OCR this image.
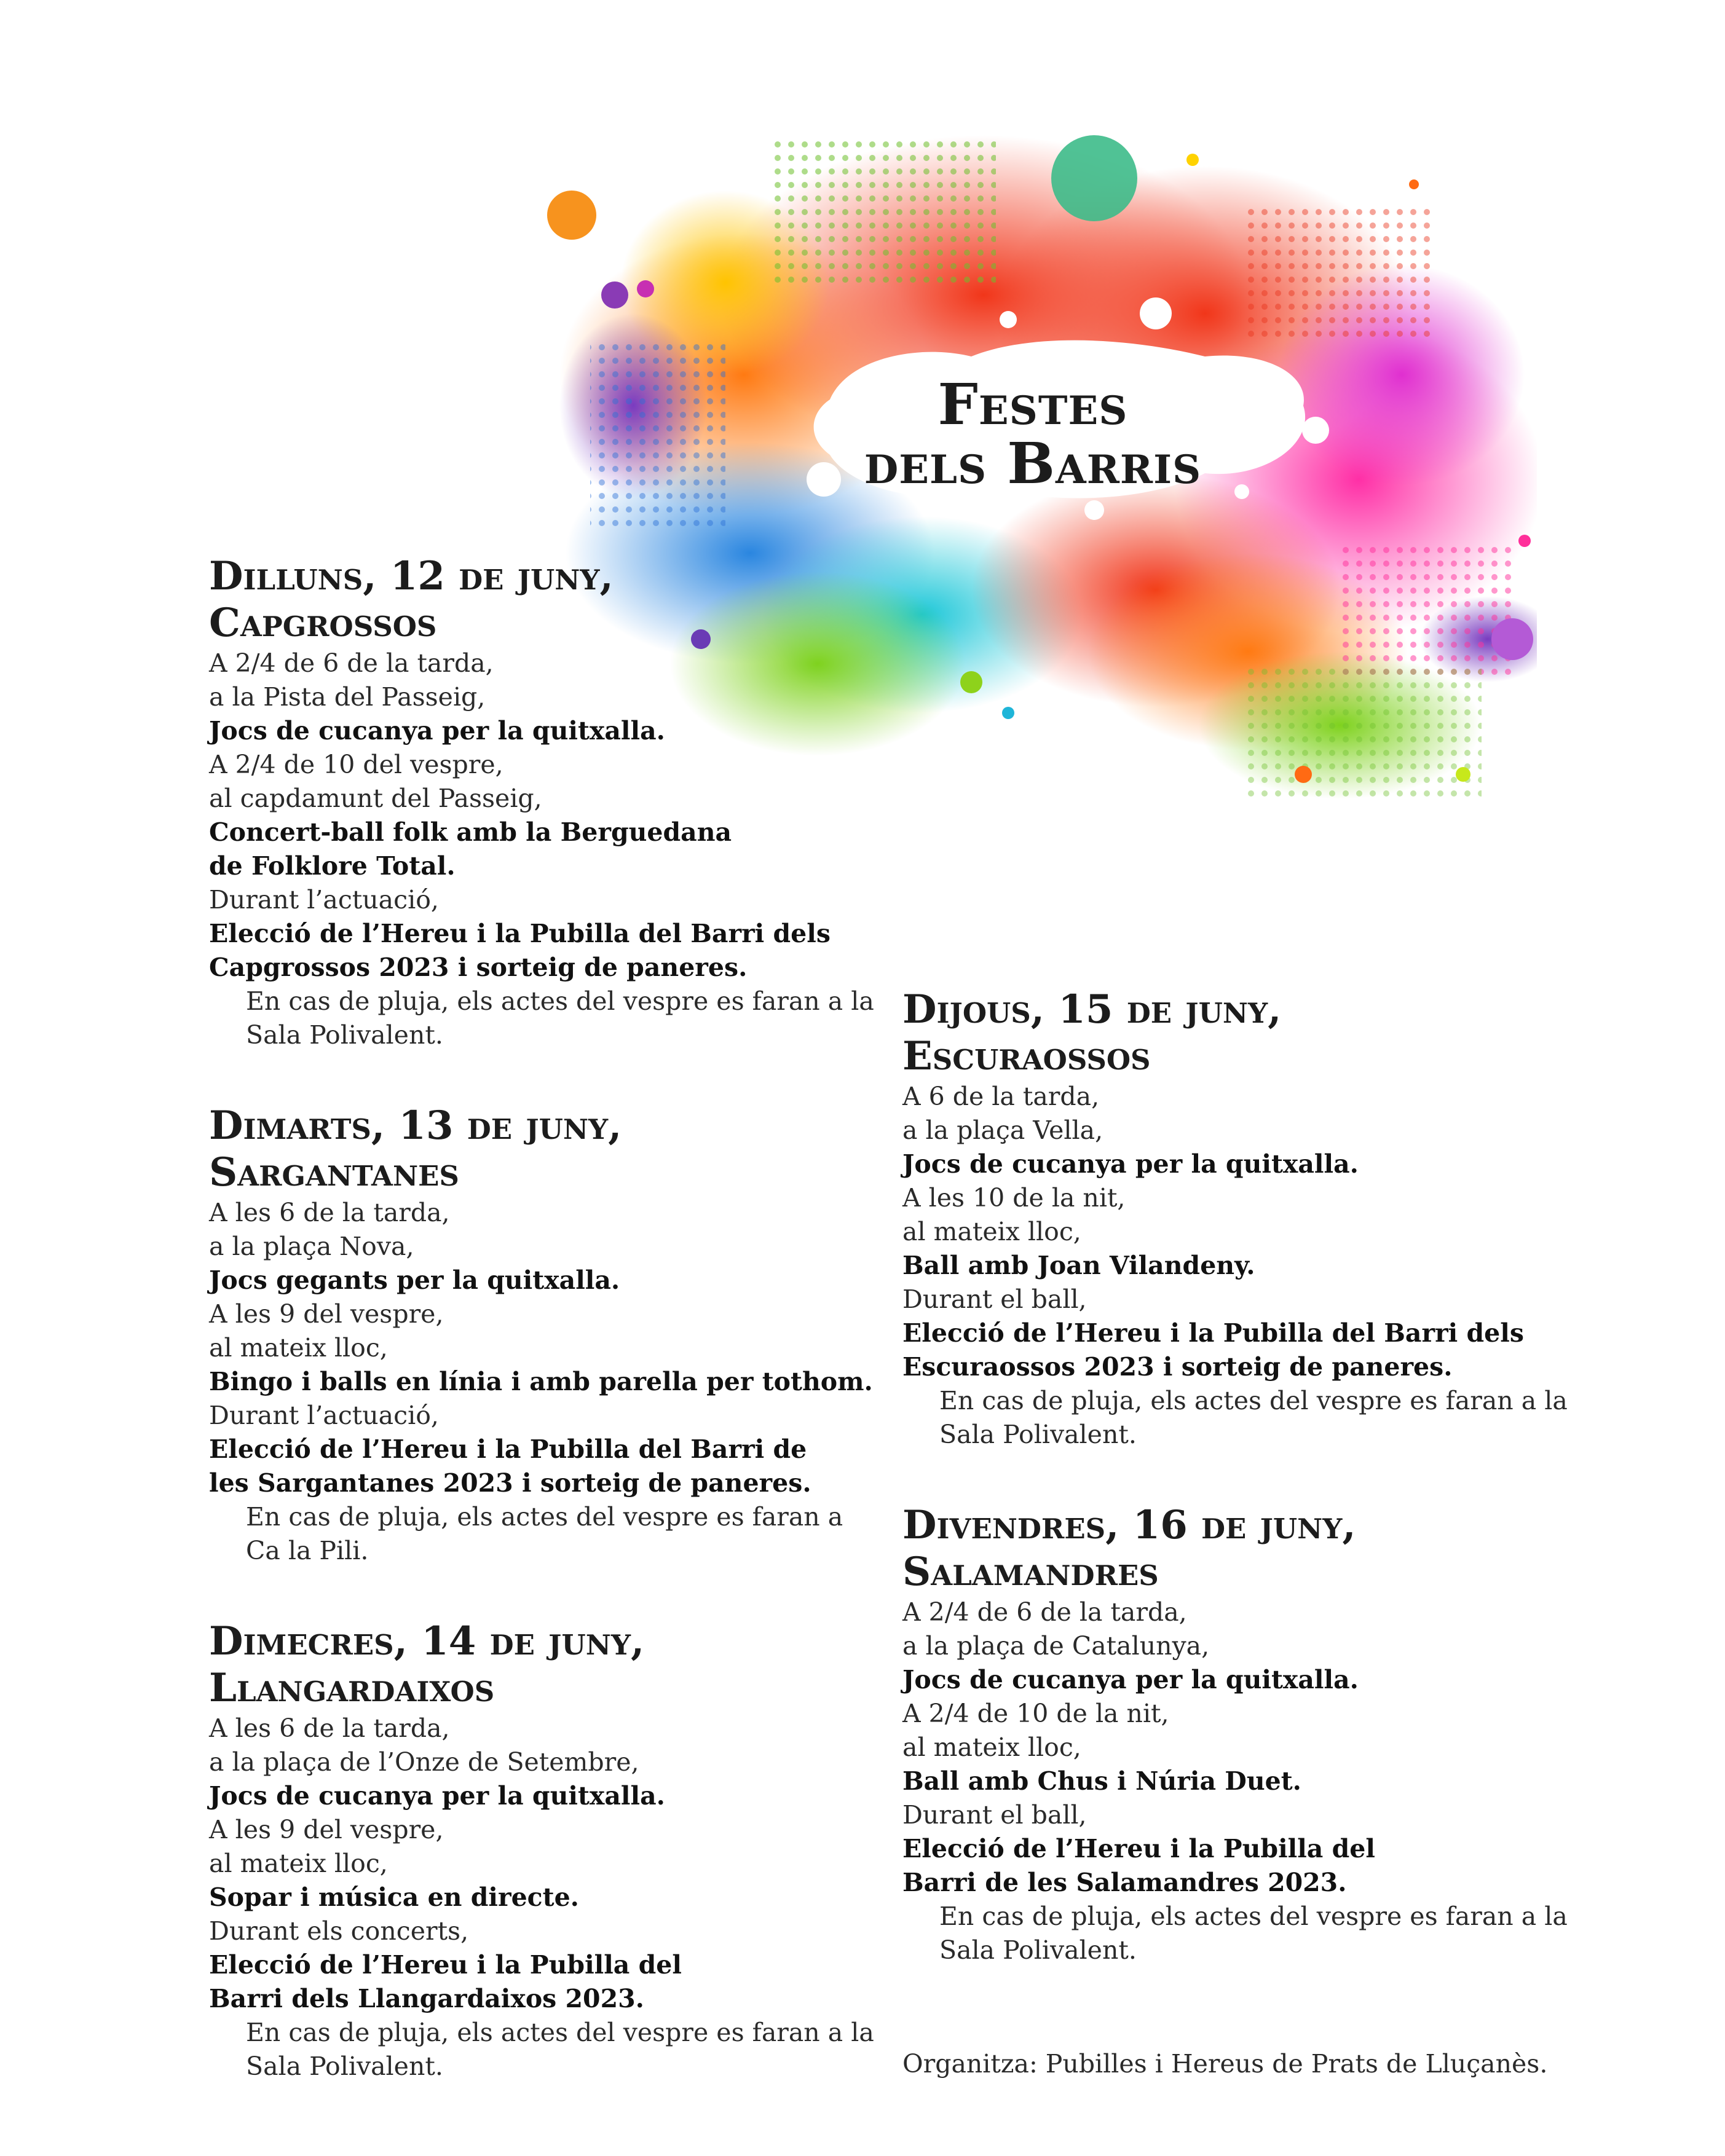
Festes
dels Barris
Dilluns, 12 de juny,
Capgrossos

A 2/4 de 6 de la tarda,

a la Pista del Passeig,

Jocs de cucanya per la quitxalla.

A 2/4 de 10 del vespre,

al capdamunt del Passeig,

Concert-ball folk amb la Berguedana

de Folklore Total.

Durant l’actuació,

Elecció de l’Hereu i la Pubilla del Barri dels

Capgrossos 2023 i sorteig de paneres.

En cas de pluja, els actes del vespre es faran a la

Sala Polivalent.

Dimarts, 13 de juny,
Sargantanes

A les 6 de la tarda,

a la plaça Nova,

Jocs gegants per la quitxalla.

A les 9 del vespre,

al mateix lloc,

Bingo i balls en línia i amb parella per tothom.

Durant l’actuació,

Elecció de l’Hereu i la Pubilla del Barri de

les Sargantanes 2023 i sorteig de paneres.

En cas de pluja, els actes del vespre es faran a

Ca la Pili.

Dimecres, 14 de juny,
Llangardaixos

A les 6 de la tarda,

a la plaça de l’Onze de Setembre,

Jocs de cucanya per la quitxalla.

A les 9 del vespre,

al mateix lloc,

Sopar i música en directe.

Durant els concerts,

Elecció de l’Hereu i la Pubilla del

Barri dels Llangardaixos 2023.

En cas de pluja, els actes del vespre es faran a la

Sala Polivalent.

Dijous, 15 de juny,
Escuraossos

A 6 de la tarda,

a la plaça Vella,

Jocs de cucanya per la quitxalla.

A les 10 de la nit,

al mateix lloc,

Ball amb Joan Vilandeny.

Durant el ball,

Elecció de l’Hereu i la Pubilla del Barri dels

Escuraossos 2023 i sorteig de paneres.

En cas de pluja, els actes del vespre es faran a la

Sala Polivalent.

Divendres, 16 de juny,
Salamandres

A 2/4 de 6 de la tarda,

a la plaça de Catalunya,

Jocs de cucanya per la quitxalla.

A 2/4 de 10 de la nit,

al mateix lloc,

Ball amb Chus i Núria Duet.

Durant el ball,

Elecció de l’Hereu i la Pubilla del

Barri de les Salamandres 2023.

En cas de pluja, els actes del vespre es faran a la

Sala Polivalent.

Organitza: Pubilles i Hereus de Prats de Lluçanès.
